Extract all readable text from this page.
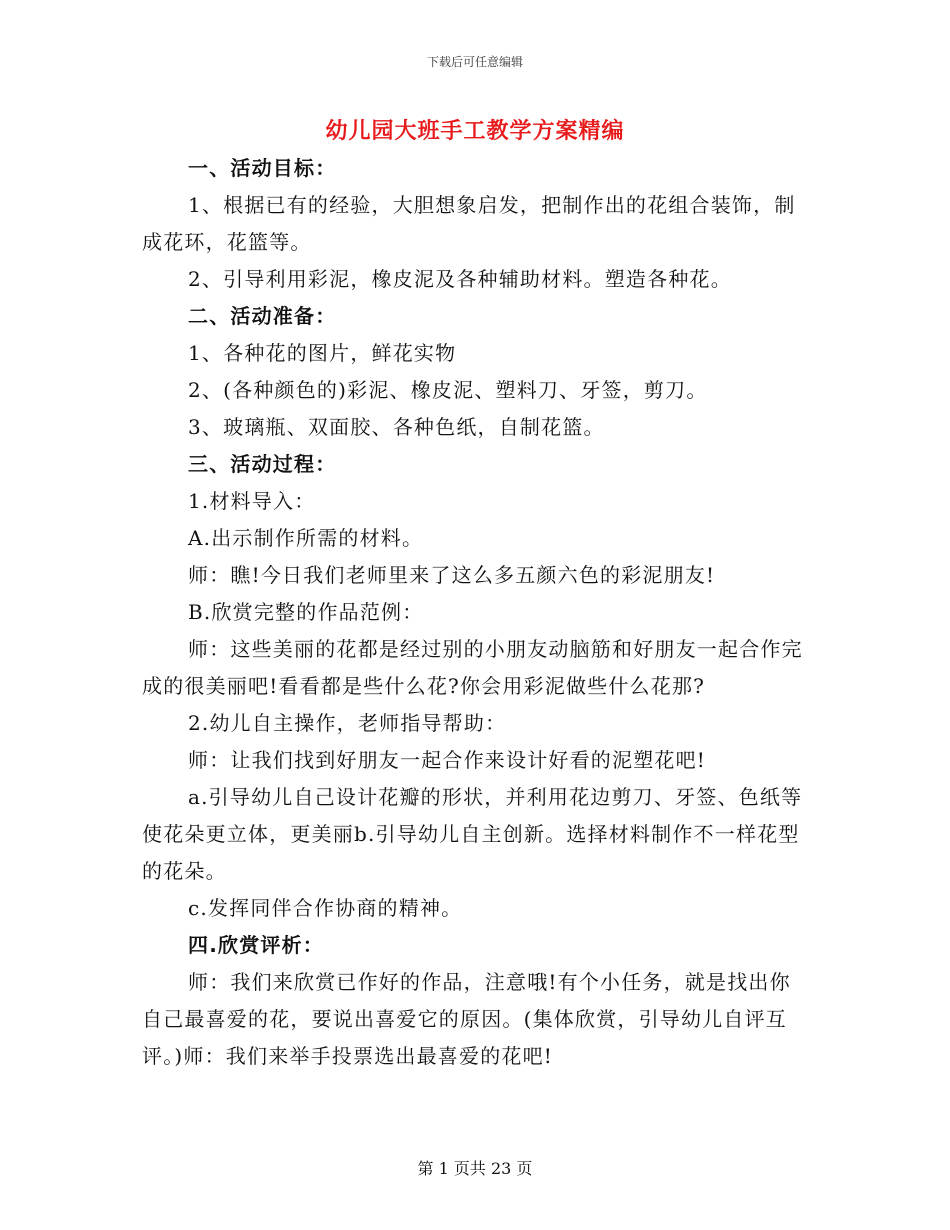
下载后可任意编辑
幼儿园大班手工教学方案精编

一、活动目标：

1、根据已有的经验，大胆想象启发，把制作出的花组合装饰，制成花环，花篮等。

2、引导利用彩泥，橡皮泥及各种辅助材料。塑造各种花。

二、活动准备：

1、各种花的图片，鲜花实物

2、(各种颜色的)彩泥、橡皮泥、塑料刀、牙签，剪刀。

3、玻璃瓶、双面胶、各种色纸，自制花篮。

三、活动过程：

1.材料导入：

A.出示制作所需的材料。

师：瞧!今日我们老师里来了这么多五颜六色的彩泥朋友!

B.欣赏完整的作品范例：

师：这些美丽的花都是经过别的小朋友动脑筋和好朋友一起合作完成的很美丽吧!看看都是些什么花?你会用彩泥做些什么花那?

2.幼儿自主操作，老师指导帮助：

师：让我们找到好朋友一起合作来设计好看的泥塑花吧!

a.引导幼儿自己设计花瓣的形状，并利用花边剪刀、牙签、色纸等使花朵更立体，更美丽b.引导幼儿自主创新。选择材料制作不一样花型的花朵。

c.发挥同伴合作协商的精神。

四.欣赏评析：

师：我们来欣赏已作好的作品，注意哦!有个小任务，就是找出你自己最喜爱的花，要说出喜爱它的原因。(集体欣赏，引导幼儿自评互评。)师：我们来举手投票选出最喜爱的花吧!

第 1 页共 23 页
